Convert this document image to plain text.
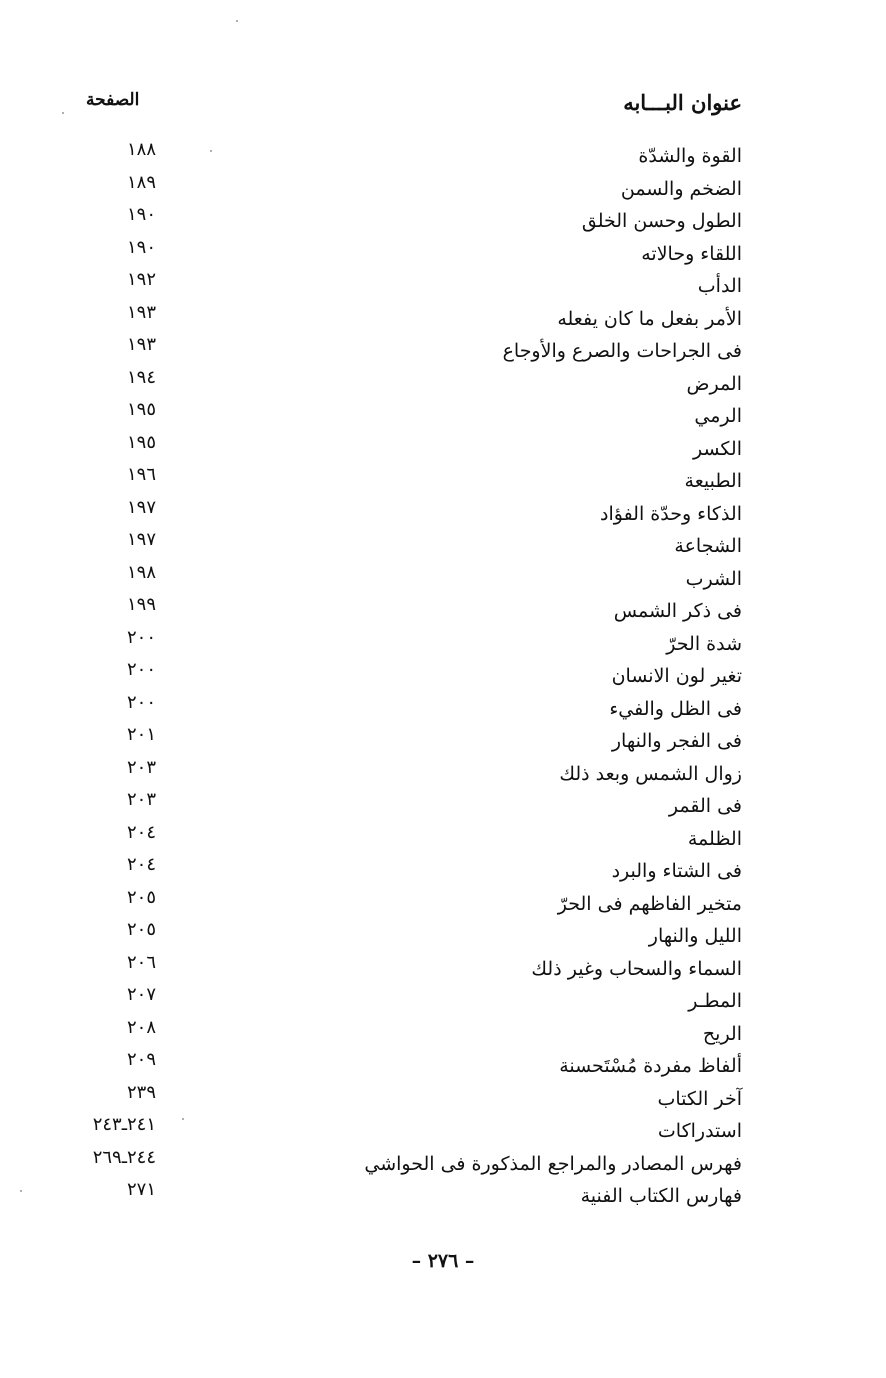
عنوان البـــابه
الصفحة
القوة والشدّة
١٨٨
الضخم والسمن
١٨٩
الطول وحسن الخلق
١٩٠
اللقاء وحالاته
١٩٠
الدأب
١٩٢
الأمر بفعل ما كان يفعله
١٩٣
فى الجراحات والصرع والأوجاع
١٩٣
المرض
١٩٤
الرمي
١٩٥
الكسر
١٩٥
الطبيعة
١٩٦
الذكاء وحدّة الفؤاد
١٩٧
الشجاعة
١٩٧
الشرب
١٩٨
فى ذكر الشمس
١٩٩
شدة الحرّ
٢٠٠
تغير لون الانسان
٢٠٠
فى الظل والفيء
٢٠٠
فى الفجر والنهار
٢٠١
زوال الشمس وبعد ذلك
٢٠٣
فى القمر
٢٠٣
الظلمة
٢٠٤
فى الشتاء والبرد
٢٠٤
متخير الفاظهم فى الحرّ
٢٠٥
الليل والنهار
٢٠٥
السماء والسحاب وغير ذلك
٢٠٦
المطـر
٢٠٧
الريح
٢٠٨
ألفاظ مفردة مُسْتَحسنة
٢٠٩
آخر الكتاب
٢٣٩
استدراكات
٢٤١ـ٢٤٣
فهرس المصادر والمراجع المذكورة فى الحواشي
٢٤٤ـ٢٦٩
فهارس الكتاب الفنية
٢٧١
– ٢٧٦ –
